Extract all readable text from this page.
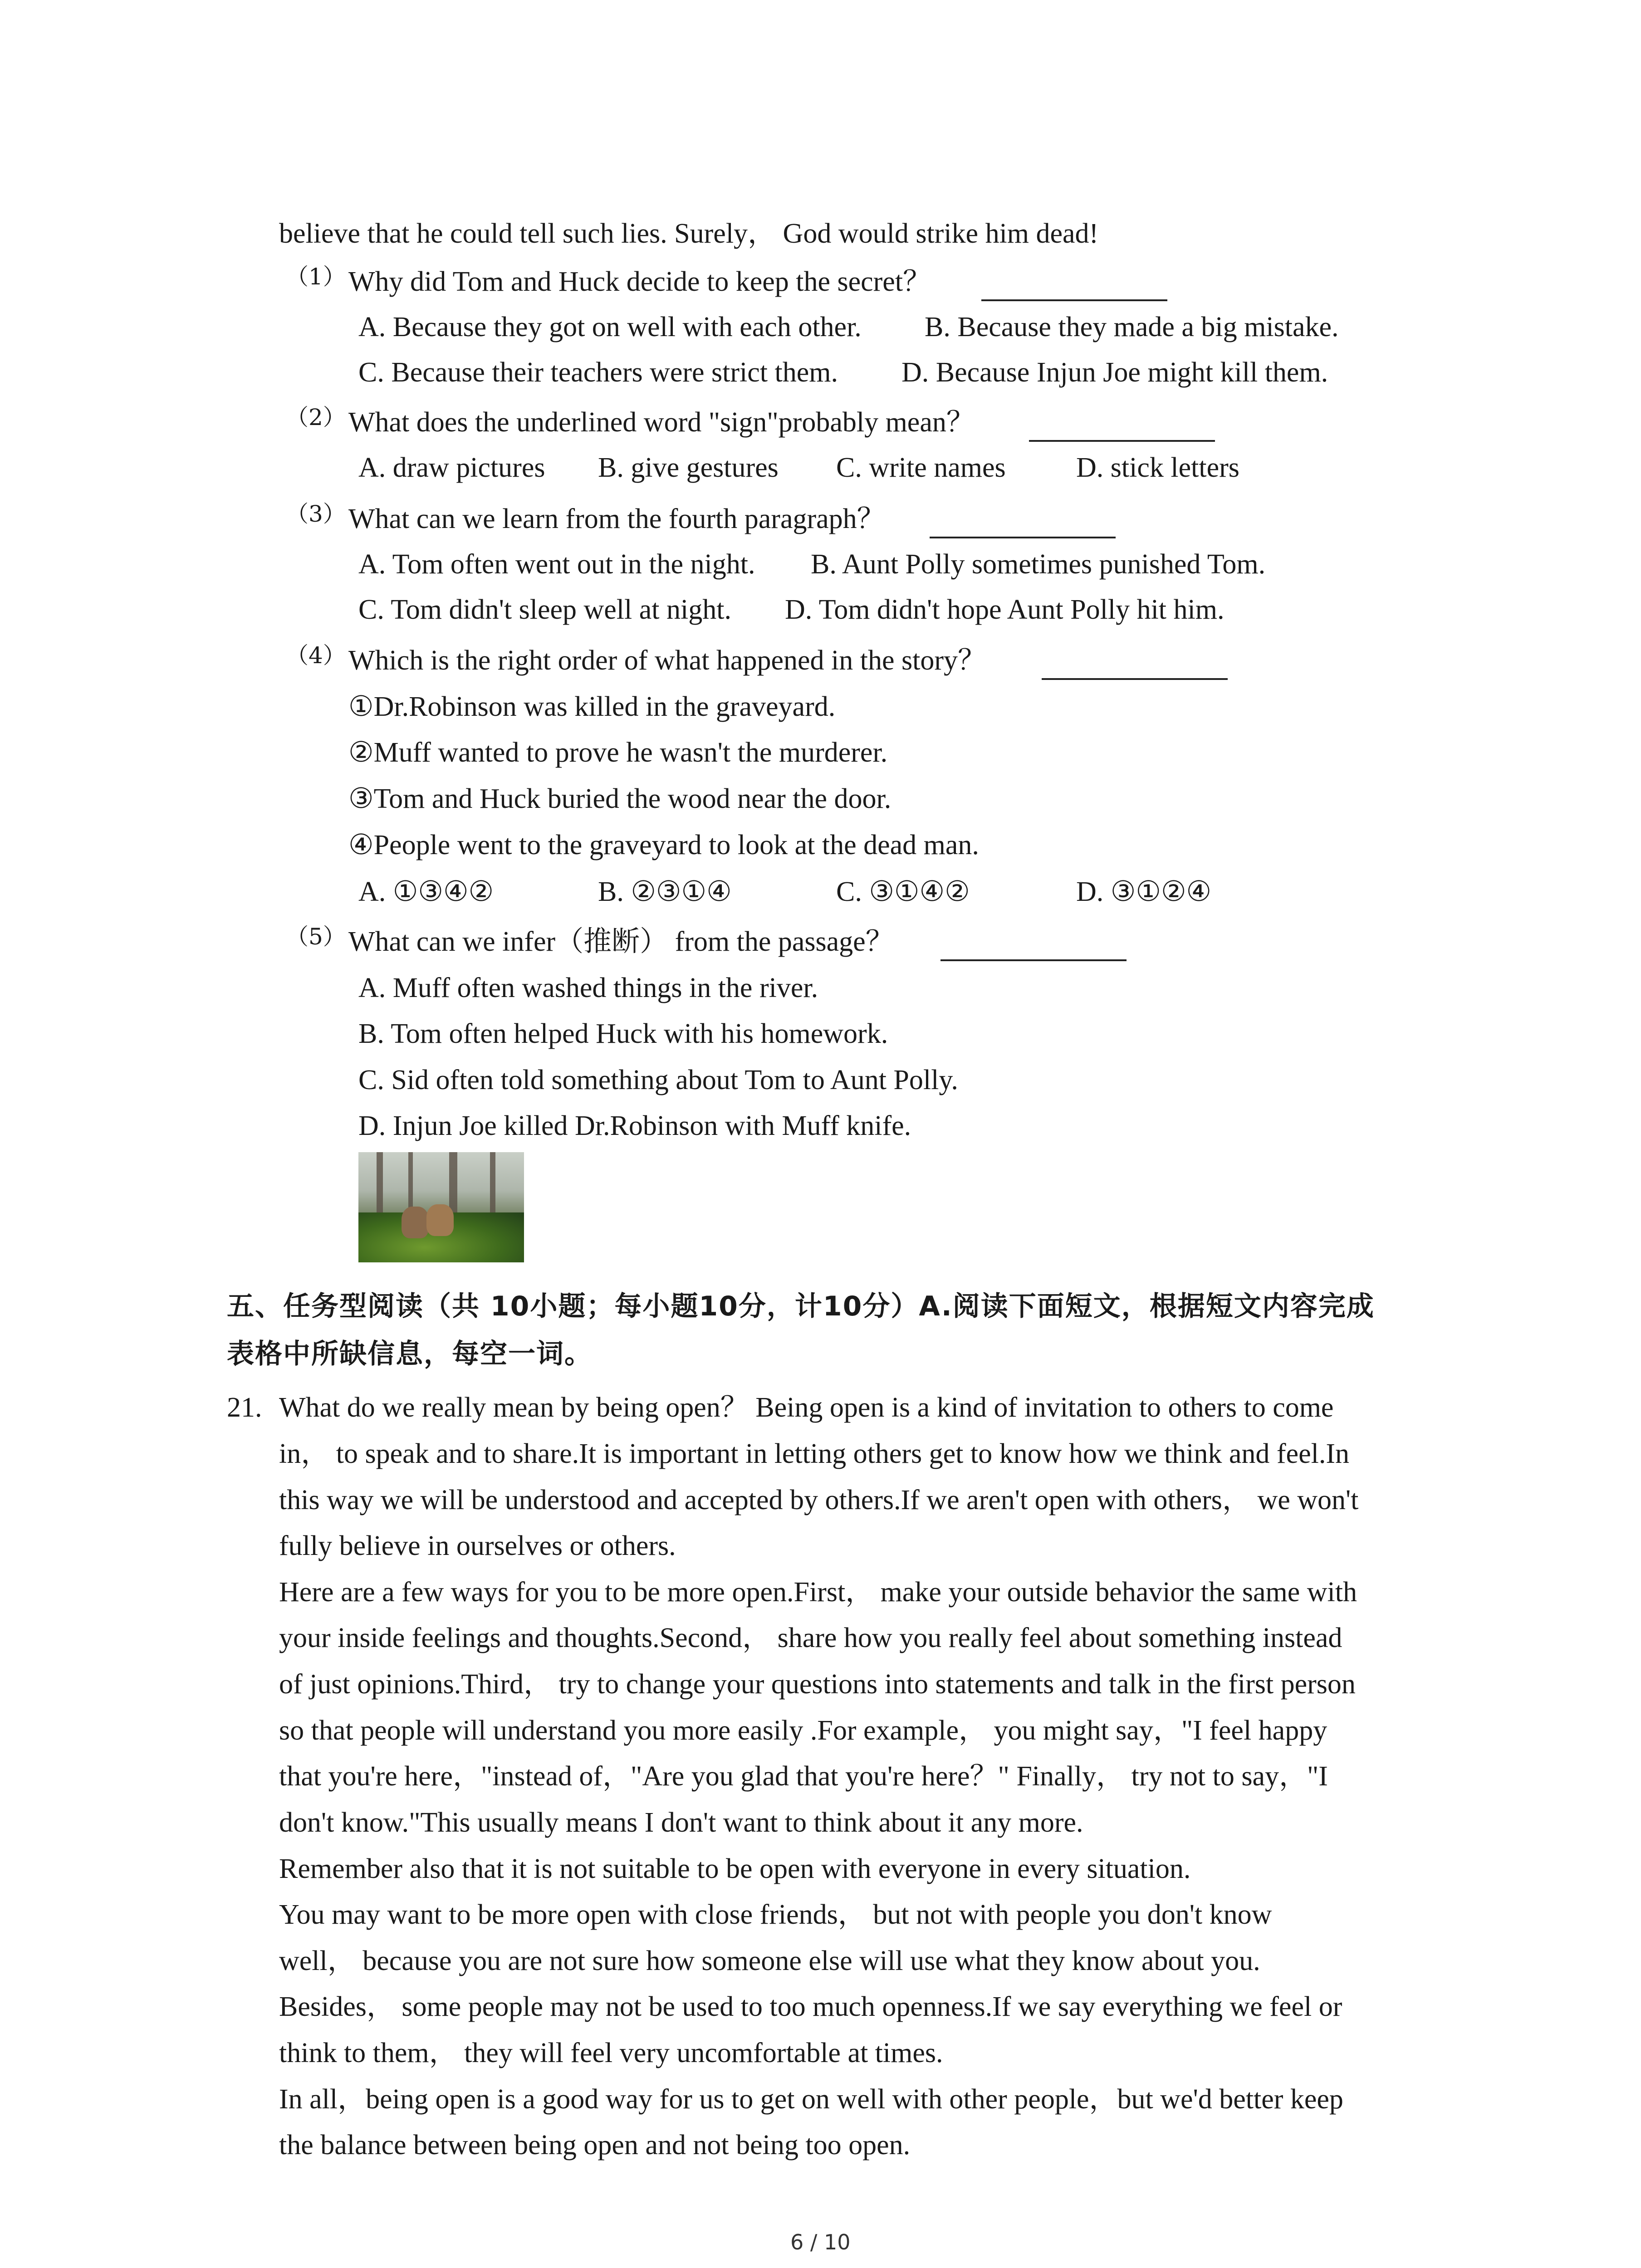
believe that he could tell such lies. Surely， God would strike him dead!
（1） Why did Tom and Huck decide to keep the secret？
A. Because they got on well with each other. B. Because they made a big mistake.
C. Because their teachers were strict them. D. Because Injun Joe might kill them.
（2） What does the underlined word "sign"probably mean？
A. draw pictures B. give gestures C. write names	D. stick letters
（3） What can we learn from the fourth paragraph？
A. Tom often went out in the night. B. Aunt Polly sometimes punished Tom.
C. Tom didn't sleep well at night. D. Tom didn't hope Aunt Polly hit him.
（4） Which is the right order of what happened in the story？
①Dr.Robinson was killed in the graveyard.
②Muff wanted to prove he wasn't the murderer.
③Tom and Huck buried the wood near the door.
④People went to the graveyard to look at the dead man.
A. ①③④②	B. ②③①④	C. ③①④②	D. ③①②④
（5） What can we infer（推断） from the passage？
A. Muff often washed things in the river.
B. Tom often helped Huck with his homework.
C. Sid often told something about Tom to Aunt Polly.
D. Injun Joe killed Dr.Robinson with Muff knife.
五、任务型阅读（共 10小题；每小题10分，计10分）A.阅读下面短文，根据短文内容完成
表格中所缺信息，每空一词。
21. What do we really mean by being open？ Being open is a kind of invitation to others to come
in， to speak and to share.It is important in letting others get to know how we think and feel.In
this way we will be understood and accepted by others.If we aren't open with others， we won't
fully believe in ourselves or others.
Here are a few ways for you to be more open.First， make your outside behavior the same with
your inside feelings and thoughts.Second， share how you really feel about something instead
of just opinions.Third， try to change your questions into statements and talk in the first person
so that people will understand you more easily .For example， you might say，"I feel happy
that you're here，"instead of，"Are you glad that you're here？" Finally， try not to say，"I
don't know."This usually means I don't want to think about it any more.
Remember also that it is not suitable to be open with everyone in every situation.
You may want to be more open with close friends， but not with people you don't know
well， because you are not sure how someone else will use what they know about you.
Besides， some people may not be used to too much openness.If we say everything we feel or
think to them， they will feel very uncomfortable at times.
In all，being open is a good way for us to get on well with other people，but we'd better keep
the balance between being open and not being too open.
6 / 10
